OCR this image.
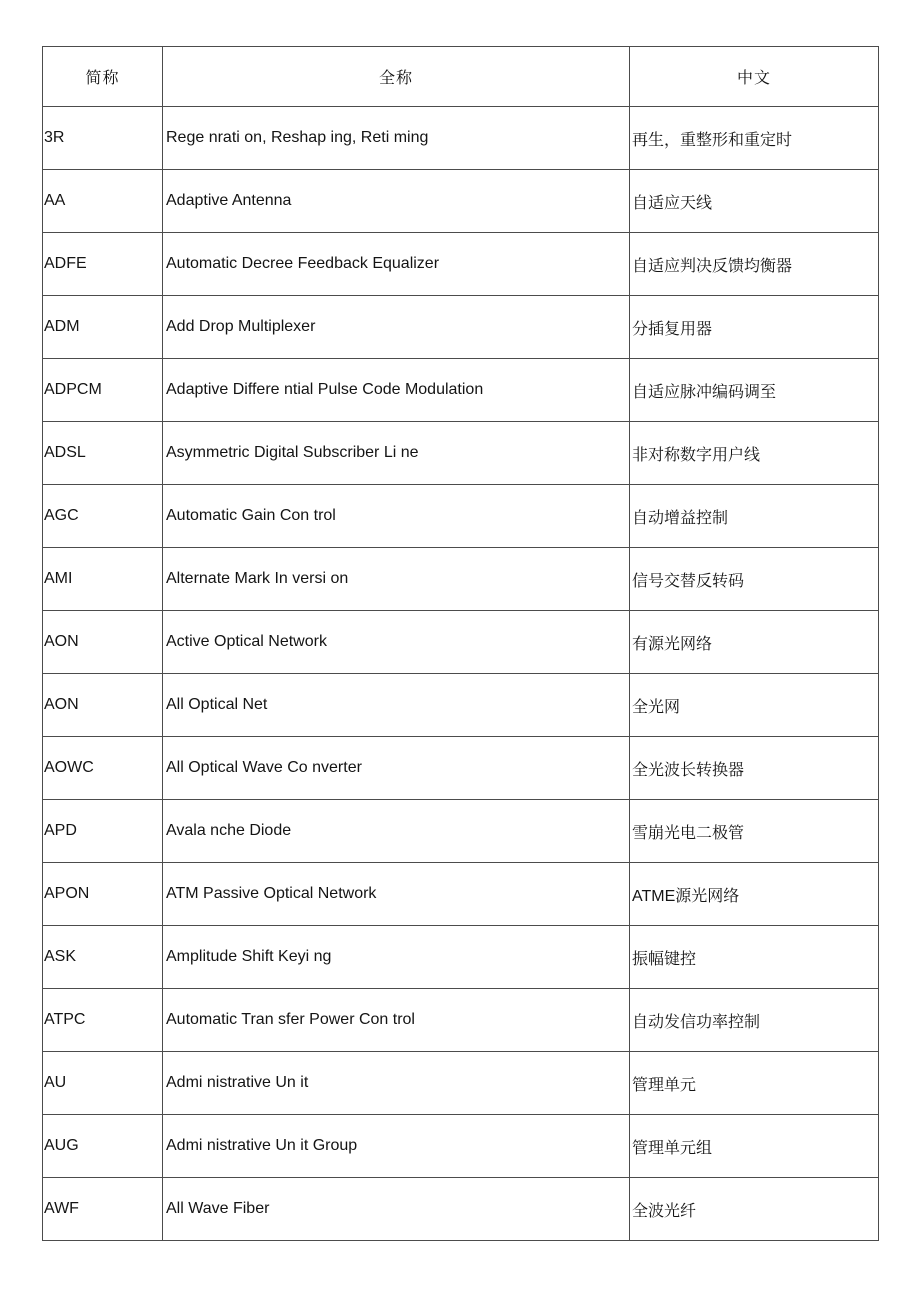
简称	全称	中文
3R	Rege nrati on, Reshap ing, Reti ming	再生，重整形和重定时
AA	Adaptive Antenna	自适应天线
ADFE	Automatic Decree Feedback Equalizer	自适应判决反馈均衡器
ADM	Add Drop Multiplexer	分插复用器
ADPCM	Adaptive Differe ntial Pulse Code Modulation	自适应脉冲编码调至
ADSL	Asymmetric Digital Subscriber Li ne	非对称数字用户线
AGC	Automatic Gain Con trol	自动增益控制
AMI	Alternate Mark In versi on	信号交替反转码
AON	Active Optical Network	有源光网络
AON	All Optical Net	全光网
AOWC	All Optical Wave Co nverter	全光波长转换器
APD	Avala nche Diode	雪崩光电二极管
APON	ATM Passive Optical Network	ATME源光网络
ASK	Amplitude Shift Keyi ng	振幅键控
ATPC	Automatic Tran sfer Power Con trol	自动发信功率控制
AU	Admi nistrative Un it	管理单元
AUG	Admi nistrative Un it Group	管理单元组
AWF	All Wave Fiber	全波光纤
